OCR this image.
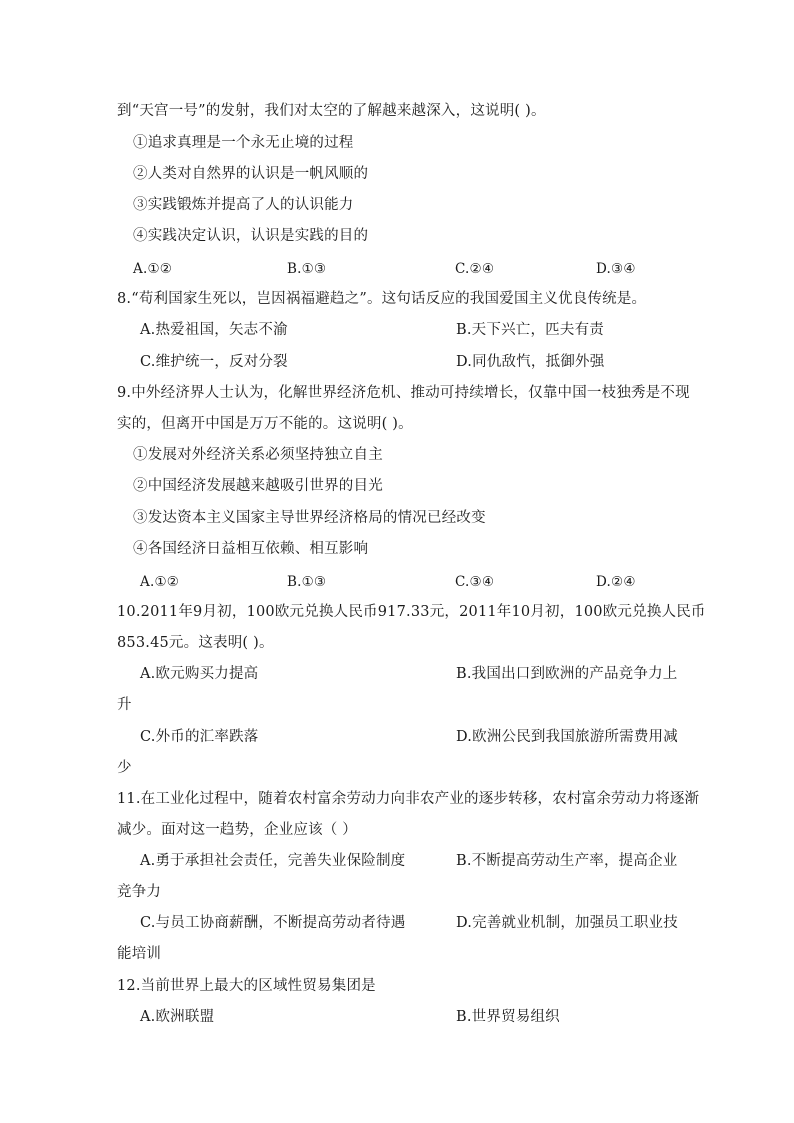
到“天宫一号”的发射，我们对太空的了解越来越深入，这说明( )。
①追求真理是一个永无止境的过程
②人类对自然界的认识是一帆风顺的
③实践锻炼并提高了人的认识能力
④实践决定认识，认识是实践的目的
A.①②	B.①③	C.②④	D.③④
8.“苟利国家生死以，岂因祸福避趋之”。这句话反应的我国爱国主义优良传统是。
A.热爱祖国，矢志不渝	B.天下兴亡，匹夫有责
C.维护统一，反对分裂	D.同仇敌忾，抵御外强
9.中外经济界人士认为，化解世界经济危机、推动可持续增长，仅靠中国一枝独秀是不现
实的，但离开中国是万万不能的。这说明( )。
①发展对外经济关系必须坚持独立自主
②中国经济发展越来越吸引世界的目光
③发达资本主义国家主导世界经济格局的情况已经改变
④各国经济日益相互依赖、相互影响
A.①②	B.①③	C.③④	D.②④
10.2011年9月初，100欧元兑换人民币917.33元，2011年10月初，100欧元兑换人民币
853.45元。这表明( )。
A.欧元购买力提高	B.我国出口到欧洲的产品竞争力上
升
C.外币的汇率跌落	D.欧洲公民到我国旅游所需费用减
少
11.在工业化过程中，随着农村富余劳动力向非农产业的逐步转移，农村富余劳动力将逐渐
减少。面对这一趋势，企业应该（ ）
A.勇于承担社会责任，完善失业保险制度	B.不断提高劳动生产率，提高企业
竞争力
C.与员工协商薪酬，不断提高劳动者待遇	D.完善就业机制，加强员工职业技
能培训
12.当前世界上最大的区域性贸易集团是
A.欧洲联盟	B.世界贸易组织
